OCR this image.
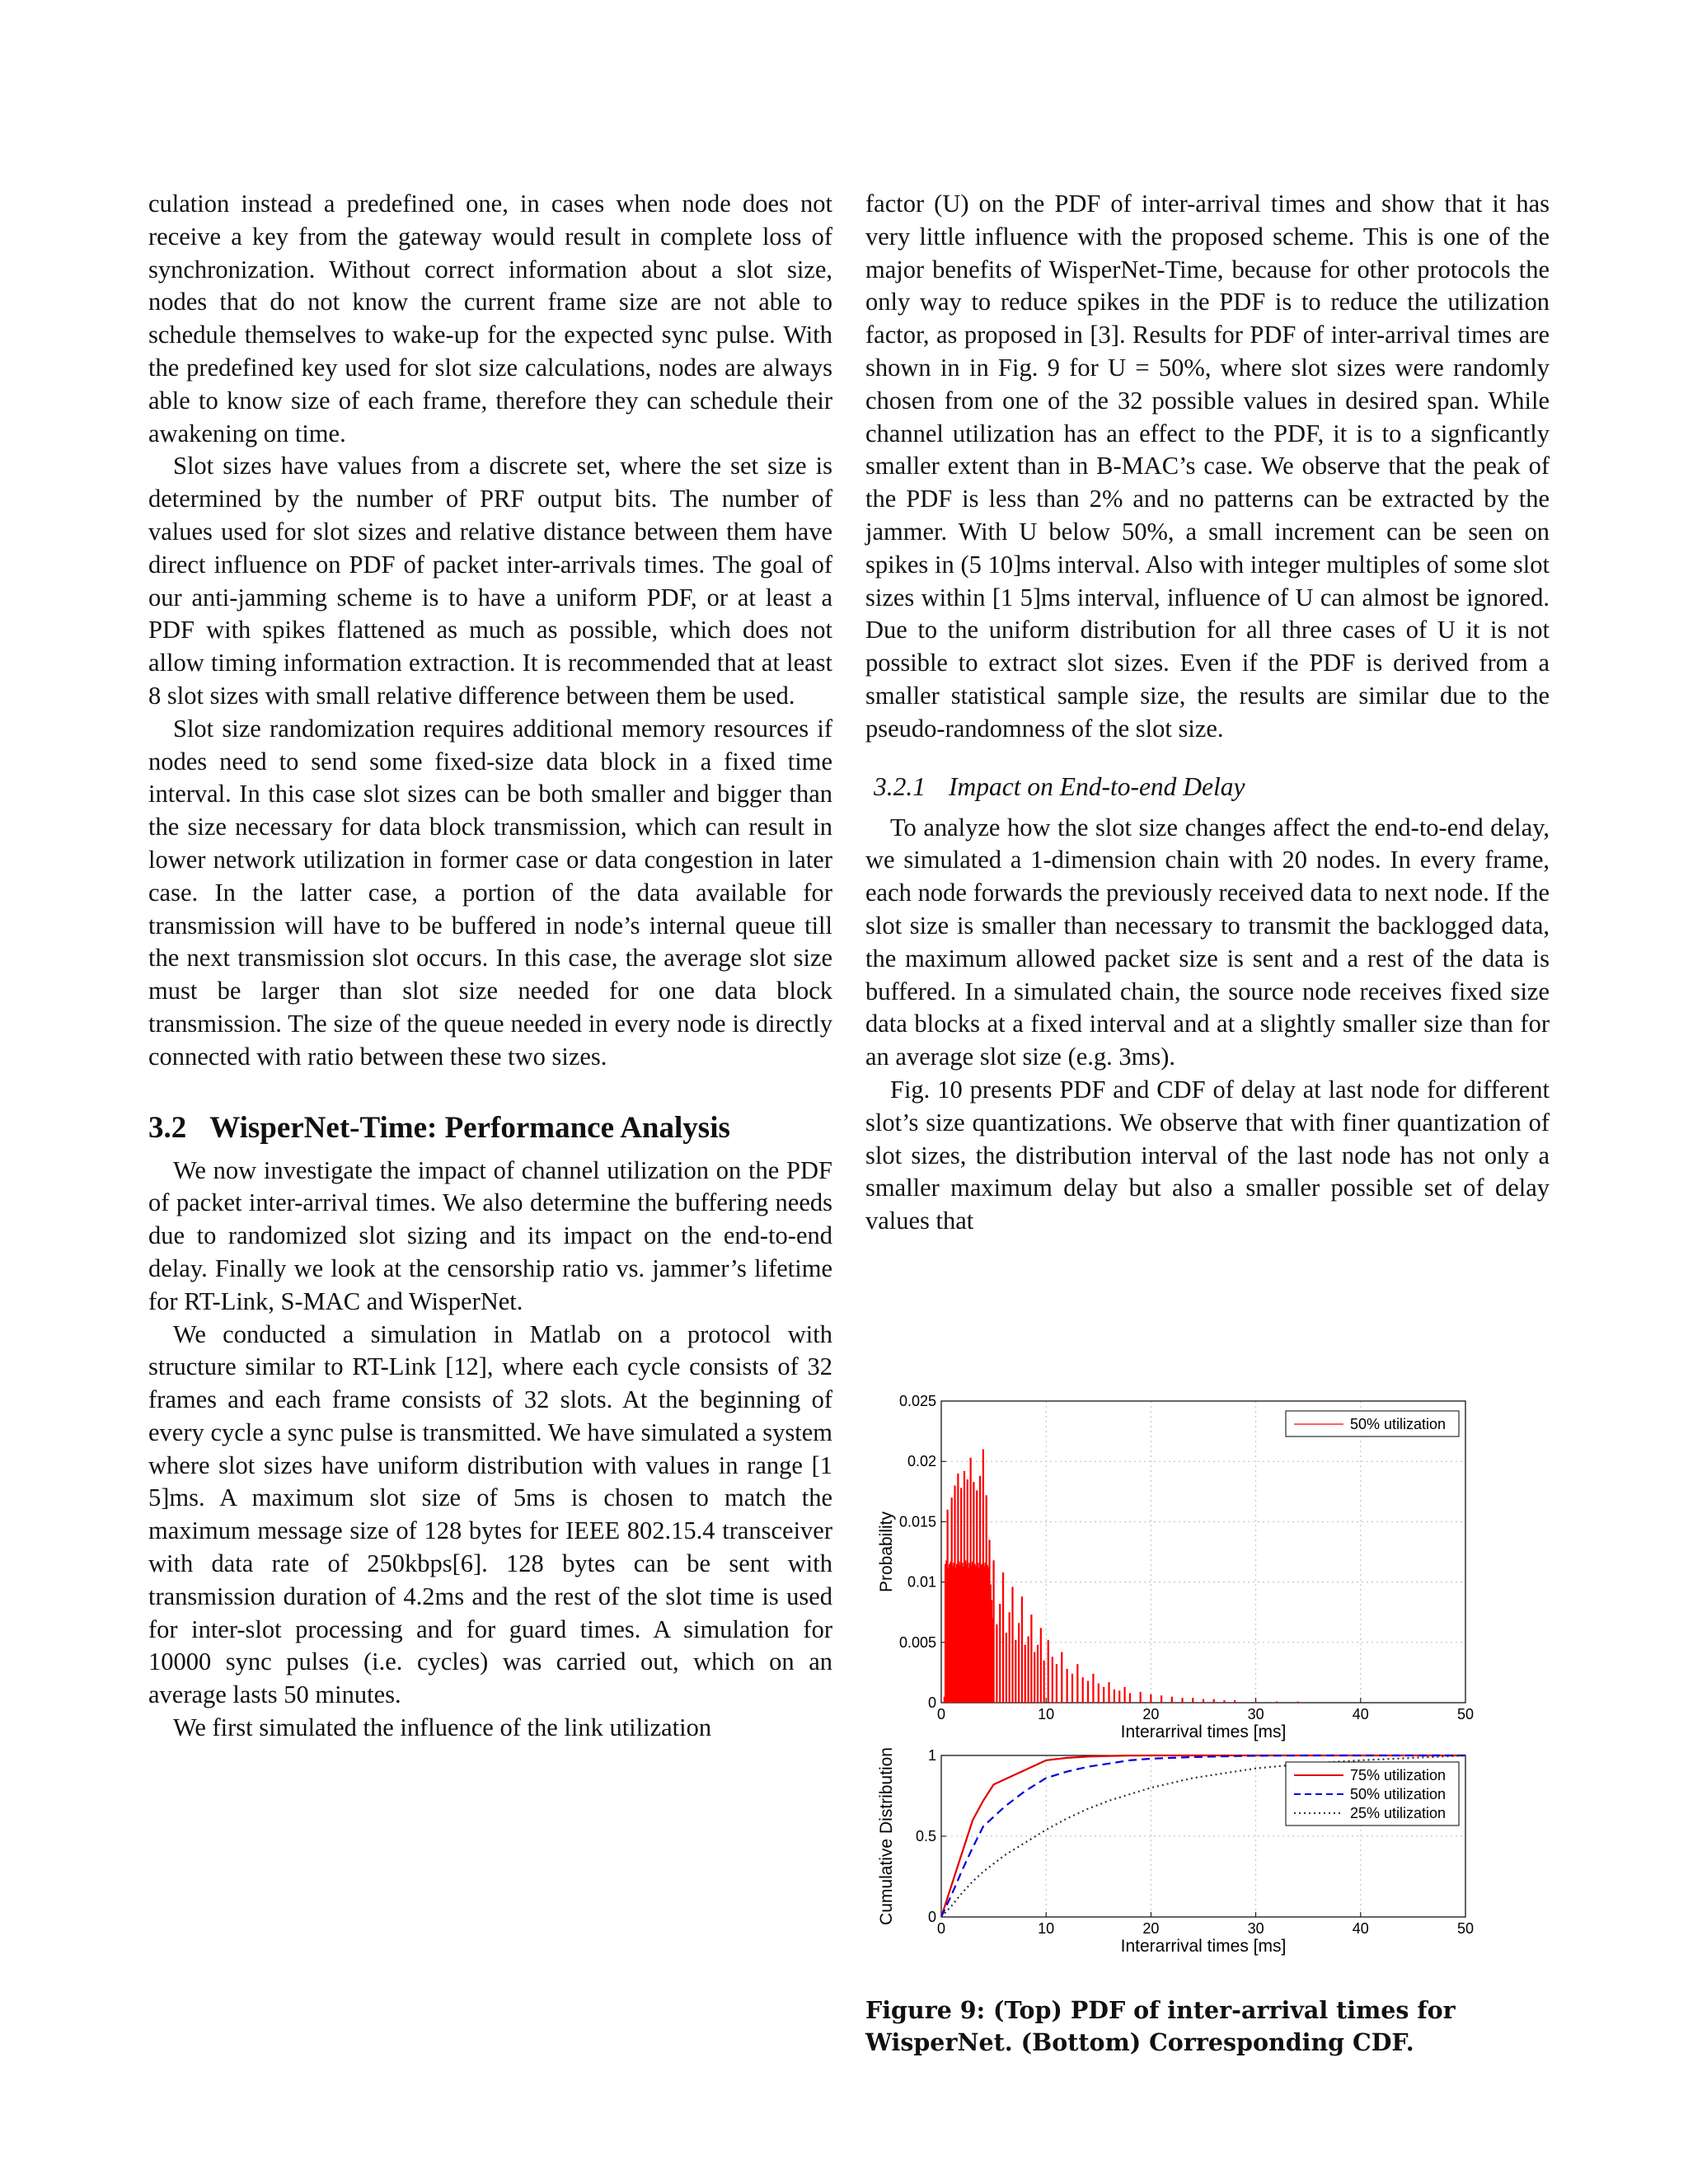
culation instead a predefined one, in cases when node does not receive a key from the gateway would result in complete loss of synchronization. Without correct information about a slot size, nodes that do not know the current frame size are not able to schedule themselves to wake-up for the expected sync pulse. With the predefined key used for slot size calculations, nodes are always able to know size of each frame, therefore they can schedule their awakening on time.

Slot sizes have values from a discrete set, where the set size is determined by the number of PRF output bits. The number of values used for slot sizes and relative distance between them have direct influence on PDF of packet inter-arrivals times. The goal of our anti-jamming scheme is to have a uniform PDF, or at least a PDF with spikes flattened as much as possible, which does not allow timing information extraction. It is recommended that at least 8 slot sizes with small relative difference between them be used.

Slot size randomization requires additional memory resources if nodes need to send some fixed-size data block in a fixed time interval. In this case slot sizes can be both smaller and bigger than the size necessary for data block transmission, which can result in lower network utilization in former case or data congestion in later case. In the latter case, a portion of the data available for transmission will have to be buffered in node’s internal queue till the next transmission slot occurs. In this case, the average slot size must be larger than slot size needed for one data block transmission. The size of the queue needed in every node is directly connected with ratio between these two sizes.

3.2 WisperNet-Time: Performance Analysis

We now investigate the impact of channel utilization on the PDF of packet inter-arrival times. We also determine the buffering needs due to randomized slot sizing and its impact on the end-to-end delay. Finally we look at the censorship ratio vs. jammer’s lifetime for RT-Link, S-MAC and WisperNet.

We conducted a simulation in Matlab on a protocol with structure similar to RT-Link [12], where each cycle consists of 32 frames and each frame consists of 32 slots. At the beginning of every cycle a sync pulse is transmitted. We have simulated a system where slot sizes have uniform distribution with values in range [1 5]ms. A maximum slot size of 5ms is chosen to match the maximum message size of 128 bytes for IEEE 802.15.4 transceiver with data rate of 250kbps[6]. 128 bytes can be sent with transmission duration of 4.2ms and the rest of the slot time is used for inter-slot processing and for guard times. A simulation for 10000 sync pulses (i.e. cycles) was carried out, which on an average lasts 50 minutes.

We first simulated the influence of the link utilization

factor (U) on the PDF of inter-arrival times and show that it has very little influence with the proposed scheme. This is one of the major benefits of WisperNet-Time, because for other protocols the only way to reduce spikes in the PDF is to reduce the utilization factor, as proposed in [3]. Results for PDF of inter-arrival times are shown in in Fig. 9 for U = 50%, where slot sizes were randomly chosen from one of the 32 possible values in desired span. While channel utilization has an effect to the PDF, it is to a signficantly smaller extent than in B-MAC’s case. We observe that the peak of the PDF is less than 2% and no patterns can be extracted by the jammer. With U below 50%, a small increment can be seen on spikes in (5 10]ms interval. Also with integer multiples of some slot sizes within [1 5]ms interval, influence of U can almost be ignored. Due to the uniform distribution for all three cases of U it is not possible to extract slot sizes. Even if the PDF is derived from a smaller statistical sample size, the results are similar due to the pseudo-randomness of the slot size.

3.2.1 Impact on End-to-end Delay

To analyze how the slot size changes affect the end-to-end delay, we simulated a 1-dimension chain with 20 nodes. In every frame, each node forwards the previously received data to next node. If the slot size is smaller than necessary to transmit the backlogged data, the maximum allowed packet size is sent and a rest of the data is buffered. In a simulated chain, the source node receives fixed size data blocks at a fixed interval and at a slightly smaller size than for an average slot size (e.g. 3ms).

Fig. 10 presents PDF and CDF of delay at last node for different slot’s size quantizations. We observe that with finer quantization of slot sizes, the distribution interval of the last node has not only a smaller maximum delay but also a smaller possible set of delay values that

0	10	20	30	40	50
0
0.005
0.01
0.015
0.02
0.025
Interarrival times [ms]
Probability
50% utilization
0	10	20	30	40	50
0
0.5
1
Interarrival times [ms]
Cumulative Distribution	75% utilization
50% utilization
25% utilization
Figure 9: (Top) PDF of inter-arrival times for WisperNet. (Bottom) Corresponding CDF.
